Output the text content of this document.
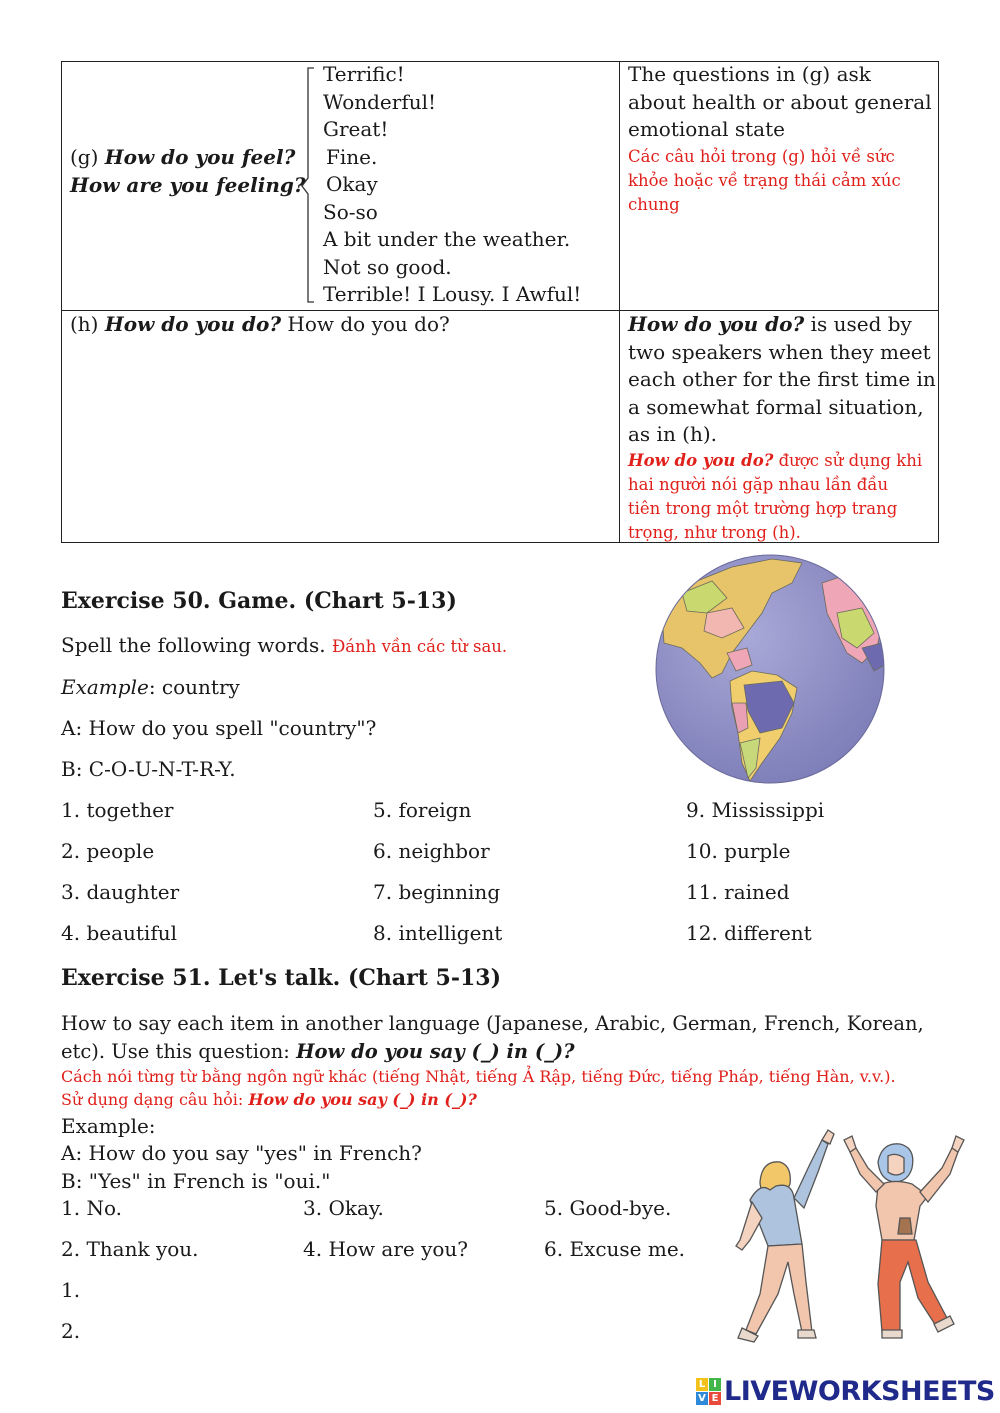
(g) How do you feel?
How are you feeling?
Terrific!
Wonderful!
Great!
Fine.
Okay
So-so
A bit under the weather.
Not so good.
Terrible! I Lousy. I Awful!
The questions in (g) ask
about health or about general
emotional state
Các câu hỏi trong (g) hỏi về sức
khỏe hoặc về trạng thái cảm xúc
chung
(h) How do you do? How do you do?	How do you do? is used by
two speakers when they meet
each other for the first time in
a somewhat formal situation,
as in (h).
How do you do? được sử dụng khi
hai người nói gặp nhau lần đầu
tiên trong một trường hợp trang
trọng, như trong (h).
Exercise 50. Game. (Chart 5-13)
Spell the following words. Đánh vần các từ sau.
Example: country
A: How do you spell "country"?
B: C-O-U-N-T-R-Y.
1. together
2. people
3. daughter
4. beautiful
5. foreign
6. neighbor
7. beginning
8. intelligent
9. Mississippi
10. purple
11. rained
12. different
Exercise 51. Let's talk. (Chart 5-13)
How to say each item in another language (Japanese, Arabic, German, French, Korean,
etc). Use this question: How do you say (_) in (_)?
Cách nói từng từ bằng ngôn ngữ khác (tiếng Nhật, tiếng Ả Rập, tiếng Đức, tiếng Pháp, tiếng Hàn, v.v.).
Sử dụng dạng câu hỏi: How do you say (_) in (_)?
Example:
A: How do you say "yes" in French?
B: "Yes" in French is "oui."
1. No.
2. Thank you.
3. Okay.
4. How are you?
5. Good-bye.
6. Excuse me.
1.
2.
L I
V E LIVEWORKSHEETS
